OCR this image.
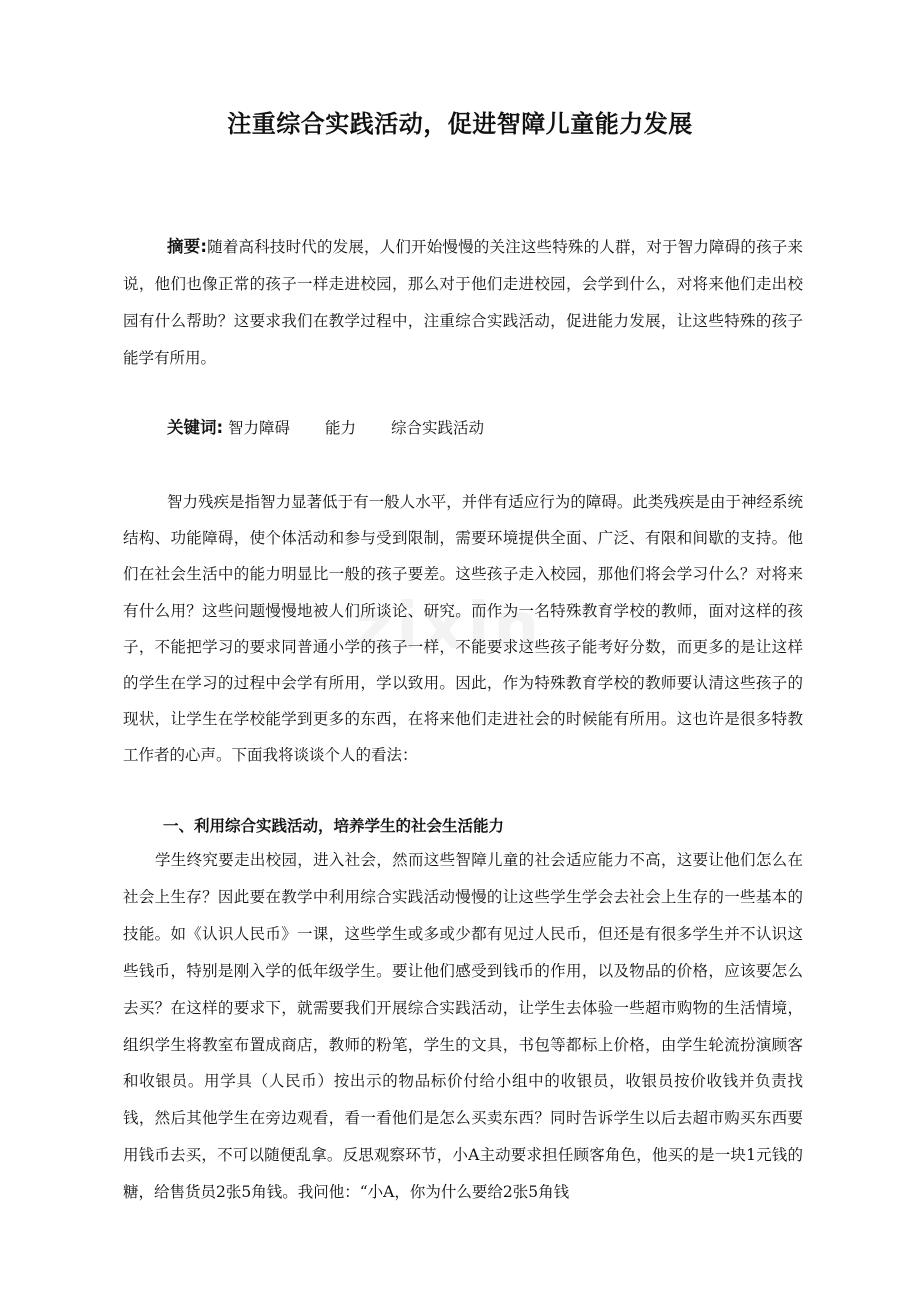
zixin
注重综合实践活动，促进智障儿童能力发展
摘要:随着高科技时代的发展，人们开始慢慢的关注这些特殊的人群，对于智力障碍的孩子来说，他们也像正常的孩子一样走进校园，那么对于他们走进校园，会学到什么，对将来他们走出校园有什么帮助？这要求我们在教学过程中，注重综合实践活动，促进能力发展，让这些特殊的孩子能学有所用。
关键词: 智力障碍 能力 综合实践活动
智力残疾是指智力显著低于有一般人水平，并伴有适应行为的障碍。此类残疾是由于神经系统结构、功能障碍，使个体活动和参与受到限制，需要环境提供全面、广泛、有限和间歇的支持。他们在社会生活中的能力明显比一般的孩子要差。这些孩子走入校园，那他们将会学习什么？对将来有什么用？这些问题慢慢地被人们所谈论、研究。而作为一名特殊教育学校的教师，面对这样的孩子，不能把学习的要求同普通小学的孩子一样，不能要求这些孩子能考好分数，而更多的是让这样的学生在学习的过程中会学有所用，学以致用。因此，作为特殊教育学校的教师要认清这些孩子的现状，让学生在学校能学到更多的东西，在将来他们走进社会的时候能有所用。这也许是很多特教工作者的心声。下面我将谈谈个人的看法：
一、利用综合实践活动，培养学生的社会生活能力
学生终究要走出校园，进入社会，然而这些智障儿童的社会适应能力不高，这要让他们怎么在社会上生存？因此要在教学中利用综合实践活动慢慢的让这些学生学会去社会上生存的一些基本的技能。如《认识人民币》一课，这些学生或多或少都有见过人民币，但还是有很多学生并不认识这些钱币，特别是刚入学的低年级学生。要让他们感受到钱币的作用，以及物品的价格，应该要怎么去买？在这样的要求下，就需要我们开展综合实践活动，让学生去体验一些超市购物的生活情境，组织学生将教室布置成商店，教师的粉笔，学生的文具，书包等都标上价格，由学生轮流扮演顾客和收银员。用学具（人民币）按出示的物品标价付给小组中的收银员，收银员按价收钱并负责找钱，然后其他学生在旁边观看，看一看他们是怎么买卖东西？同时告诉学生以后去超市购买东西要用钱币去买，不可以随便乱拿。反思观察环节，小A主动要求担任顾客角色，他买的是一块1元钱的糖，给售货员2张5角钱。我问他：“小A，你为什么要给2张5角钱
